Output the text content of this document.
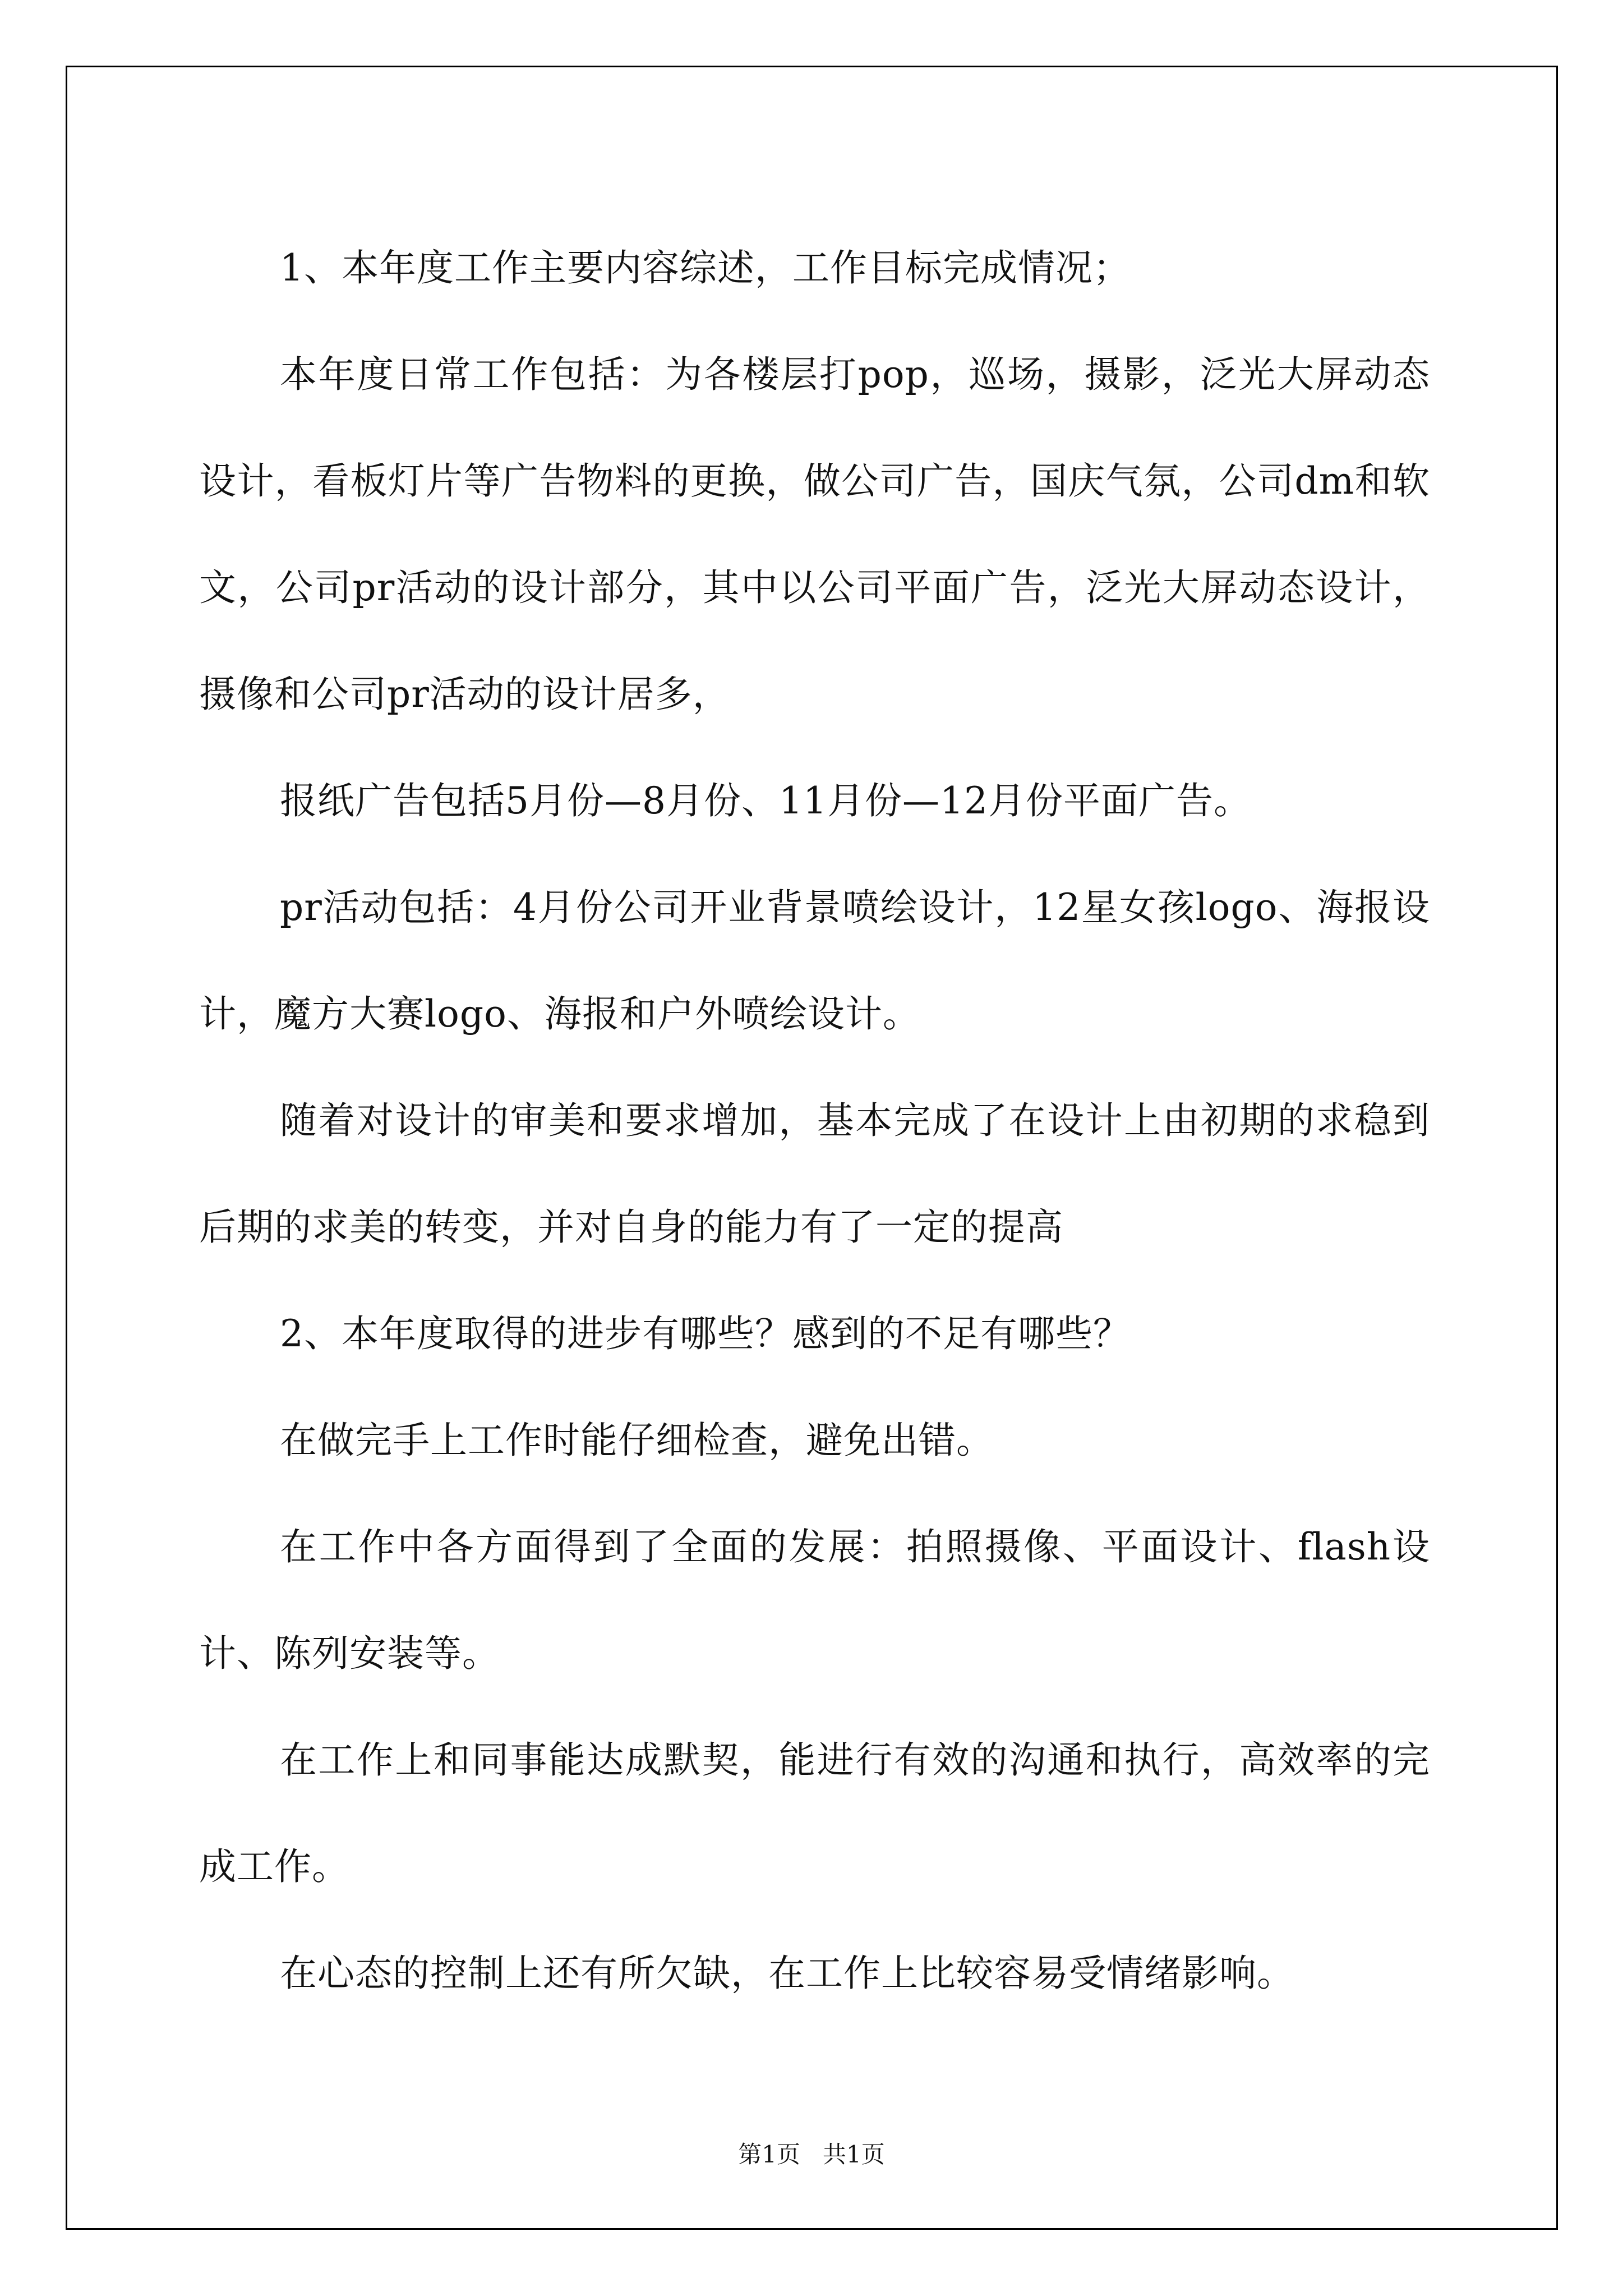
1、本年度工作主要内容综述，工作目标完成情况；

本年度日常工作包括：为各楼层打pop，巡场，摄影，泛光大屏动态设计，看板灯片等广告物料的更换，做公司广告，国庆气氛，公司dm和软文，公司pr活动的设计部分，其中以公司平面广告，泛光大屏动态设计，摄像和公司pr活动的设计居多，

报纸广告包括5月份—8月份、11月份—12月份平面广告。

pr活动包括：4月份公司开业背景喷绘设计，12星女孩logo、海报设计，魔方大赛logo、海报和户外喷绘设计。

随着对设计的审美和要求增加，基本完成了在设计上由初期的求稳到后期的求美的转变，并对自身的能力有了一定的提高

2、本年度取得的进步有哪些？感到的不足有哪些？

在做完手上工作时能仔细检查，避免出错。

在工作中各方面得到了全面的发展：拍照摄像、平面设计、flash设计、陈列安装等。

在工作上和同事能达成默契，能进行有效的沟通和执行，高效率的完成工作。

在心态的控制上还有所欠缺，在工作上比较容易受情绪影响。

第1页 共1页
